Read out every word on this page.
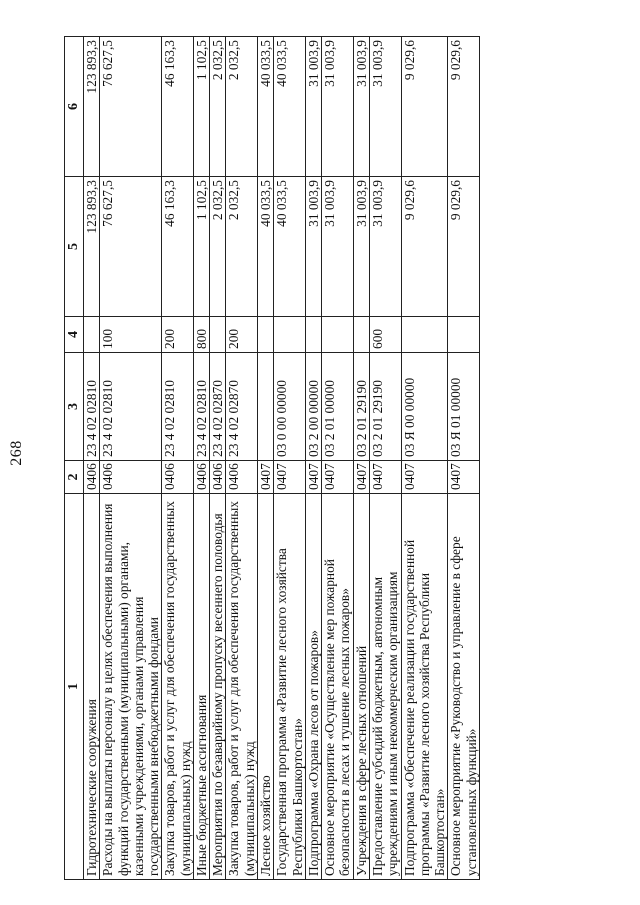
268
1	2	3	4	5	6
Гидротехнические сооружения	0406	23 4 02 02810		123 893,3	123 893,3
Расходы на выплаты персоналу в целях обеспечения выполнения функций государственными (муниципальными) органами, казенными учреждениями, органами управления государственными внебюджетными фондами	0406	23 4 02 02810	100	76 627,5	76 627,5
Закупка товаров, работ и услуг для обеспечения государственных (муниципальных) нужд	0406	23 4 02 02810	200	46 163,3	46 163,3
Иные бюджетные ассигнования	0406	23 4 02 02810	800	1 102,5	1 102,5
Мероприятия по безаварийному пропуску весеннего половодья	0406	23 4 02 02870		2 032,5	2 032,5
Закупка товаров, работ и услуг для обеспечения государственных (муниципальных) нужд	0406	23 4 02 02870	200	2 032,5	2 032,5
Лесное хозяйство	0407			40 033,5	40 033,5
Государственная программа «Развитие лесного хозяйства Республики Башкортостан»	0407	03 0 00 00000		40 033,5	40 033,5
Подпрограмма «Охрана лесов от пожаров»	0407	03 2 00 00000		31 003,9	31 003,9
Основное мероприятие «Осуществление мер пожарной безопасности в лесах и тушение лесных пожаров»	0407	03 2 01 00000		31 003,9	31 003,9
Учреждения в сфере лесных отношений	0407	03 2 01 29190		31 003,9	31 003,9
Предоставление субсидий бюджетным, автономным учреждениям и иным некоммерческим организациям	0407	03 2 01 29190	600	31 003,9	31 003,9
Подпрограмма «Обеспечение реализации государственной программы «Развитие лесного хозяйства Республики Башкортостан»	0407	03 Я 00 00000		9 029,6	9 029,6
Основное мероприятие «Руководство и управление в сфере установленных функций»	0407	03 Я 01 00000		9 029,6	9 029,6
